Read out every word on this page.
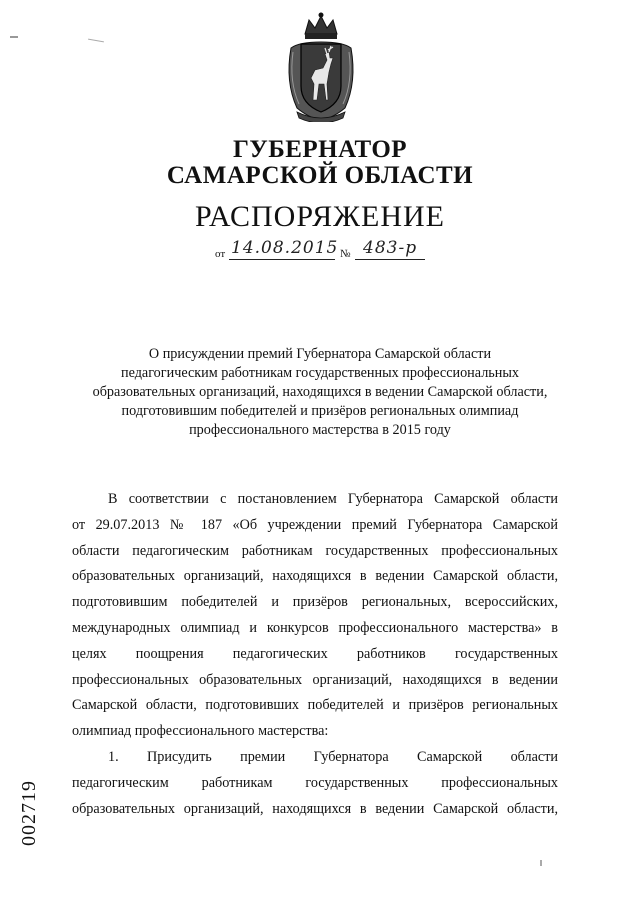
ГУБЕРНАТОР
САМАРСКОЙ ОБЛАСТИ
РАСПОРЯЖЕНИЕ
от 14.08.2015 № 483-р
О присуждении премий Губернатора Самарской области
педагогическим работникам государственных профессиональных
образовательных организаций, находящихся в ведении Самарской области,
подготовившим победителей и призёров региональных олимпиад
профессионального мастерства в 2015 году
В соответствии с постановлением Губернатора Самарской области
от 29.07.2013 № 187 «Об учреждении премий Губернатора Самарской
области педагогическим работникам государственных профессиональных
образовательных организаций, находящихся в ведении Самарской области,
подготовившим победителей и призёров региональных, всероссийских,
международных олимпиад и конкурсов профессионального мастерства» в
целях поощрения педагогических работников государственных
профессиональных образовательных организаций, находящихся в ведении
Самарской области, подготовивших победителей и призёров региональных
олимпиад профессионального мастерства:
1. Присудить премии Губернатора Самарской области
педагогическим работникам государственных профессиональных
образовательных организаций, находящихся в ведении Самарской области,
002719
